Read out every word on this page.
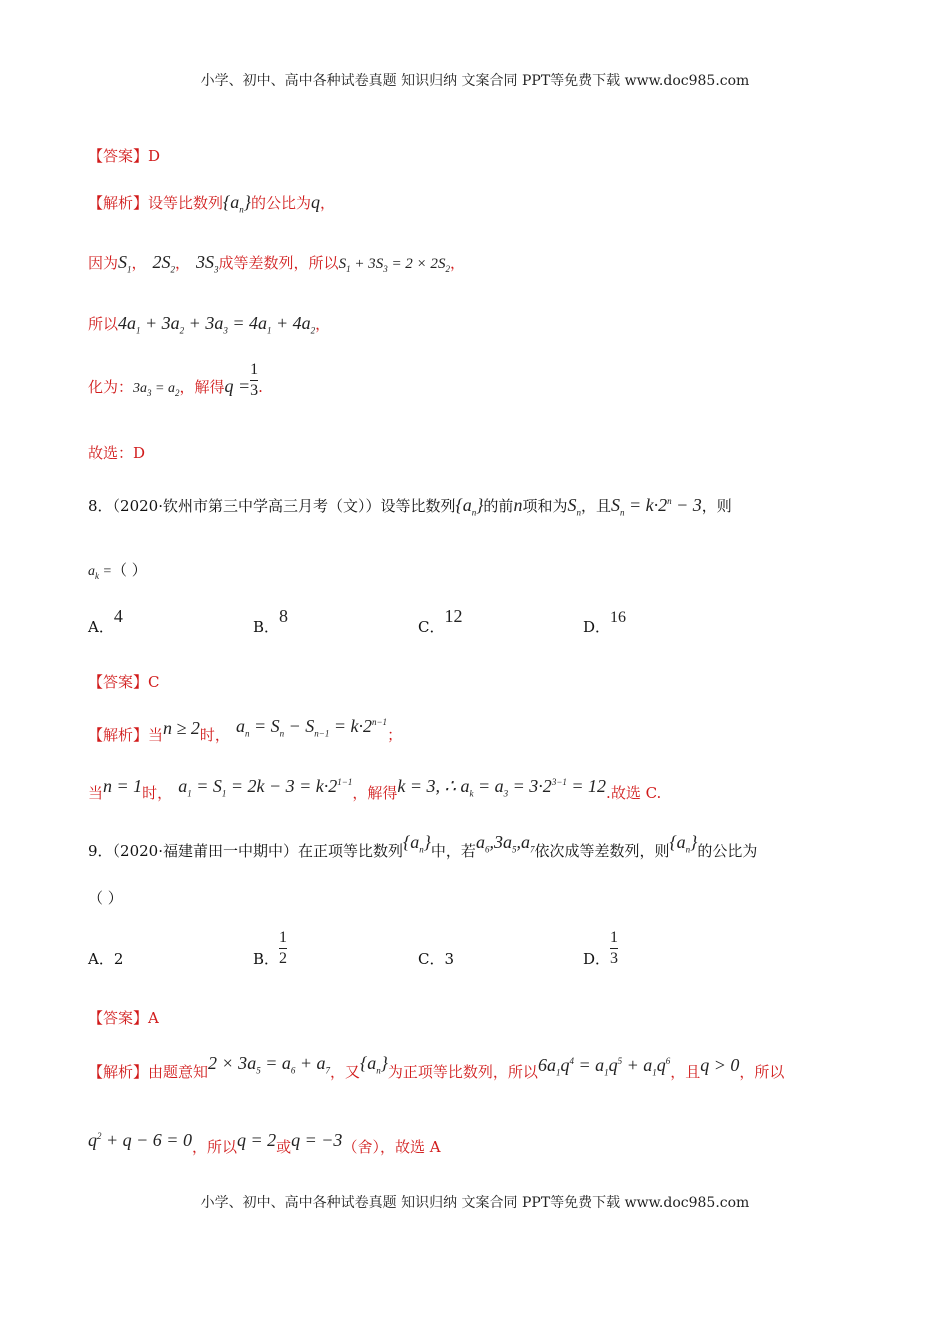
小学、初中、高中各种试卷真题 知识归纳 文案合同 PPT等免费下载 www.doc985.com
【答案】D
【解析】设等比数列$\{a_n\}$的公比为q，
因为$S_1$， $2S_2$， $3S_3$成等差数列，所以$S_1 + 3S_3 = 2 \times 2S_2$，
所以$4a_1 + 3a_2 + 3a_3 = 4a_1 + 4a_2$，
化为：$3a_3 = a_2$，解得$q = \frac{1}{3}$ .
故选：D
8．（2020·钦州市第三中学高三月考（文））设等比数列$\{a_n\}$的前n项和为$S_n$，且$S_n = k\cdot 2^n - 3$，则
$a_k$ =（ ）
A．4
B．8
C．12
D．16
【答案】C
【解析】当n ≥ 2时， $a_n = S_n - S_{n-1} = k\cdot 2^{n-1}$；
当n = 1时， $a_1 = S_1 = 2k - 3 = k\cdot 2^{1-1}$，解得k = 3, ∴ $a_k = a_3 = 3\cdot 2^{3-1} = 12$.故选 C.
9．（2020·福建莆田一中期中）在正项等比数列$\{a_n\}$中，若$a_6,3a_5,a_7$依次成等差数列，则$\{a_n\}$的公比为
（ ）
A．2	B． $\frac{1}{2}$	C．3	D． $\frac{1}{3}$
【答案】A
【解析】由题意知$2 \times 3a_5 = a_6 + a_7$，又$\{a_n\}$为正项等比数列，所以$6a_1q^4 = a_1q^5 + a_1q^6$，且q > 0，所以
$q^2 + q - 6 = 0$，所以q = 2或q = −3（舍），故选 A
小学、初中、高中各种试卷真题 知识归纳 文案合同 PPT等免费下载 www.doc985.com
